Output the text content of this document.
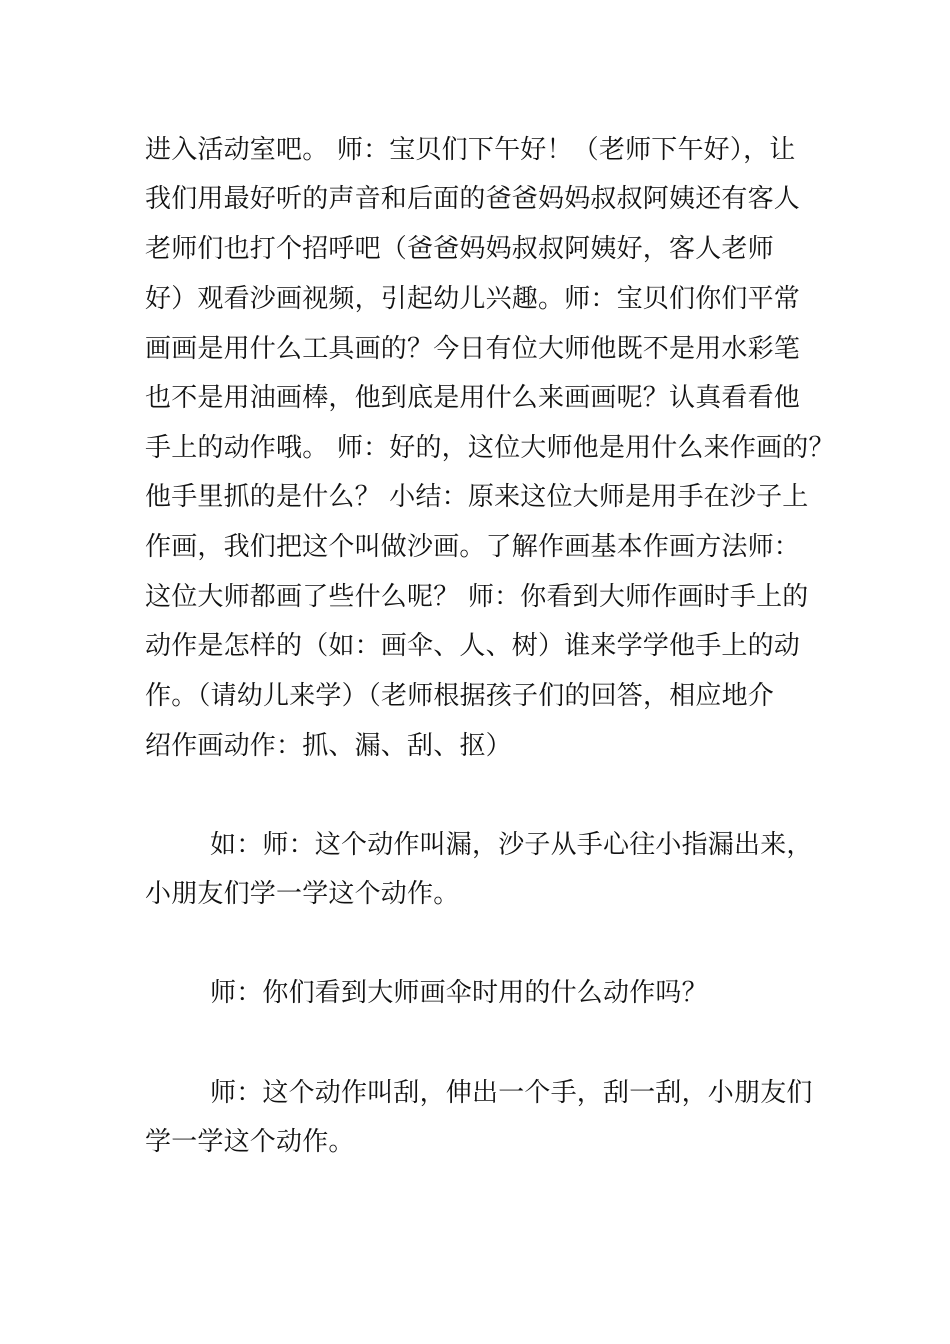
进入活动室吧。 师：宝贝们下午好！（老师下午好），让
我们用最好听的声音和后面的爸爸妈妈叔叔阿姨还有客人
老师们也打个招呼吧（爸爸妈妈叔叔阿姨好，客人老师
好）观看沙画视频，引起幼儿兴趣。师：宝贝们你们平常
画画是用什么工具画的？今日有位大师他既不是用水彩笔
也不是用油画棒，他到底是用什么来画画呢？认真看看他
手上的动作哦。 师：好的，这位大师他是用什么来作画的？
他手里抓的是什么？ 小结：原来这位大师是用手在沙子上
作画，我们把这个叫做沙画。了解作画基本作画方法师：
这位大师都画了些什么呢？ 师：你看到大师作画时手上的
动作是怎样的（如：画伞、人、树）谁来学学他手上的动
作。（请幼儿来学）（老师根据孩子们的回答，相应地介
绍作画动作：抓、漏、刮、抠）
如：师：这个动作叫漏，沙子从手心往小指漏出来，
小朋友们学一学这个动作。
师：你们看到大师画伞时用的什么动作吗？
师：这个动作叫刮，伸出一个手，刮一刮，小朋友们
学一学这个动作。
